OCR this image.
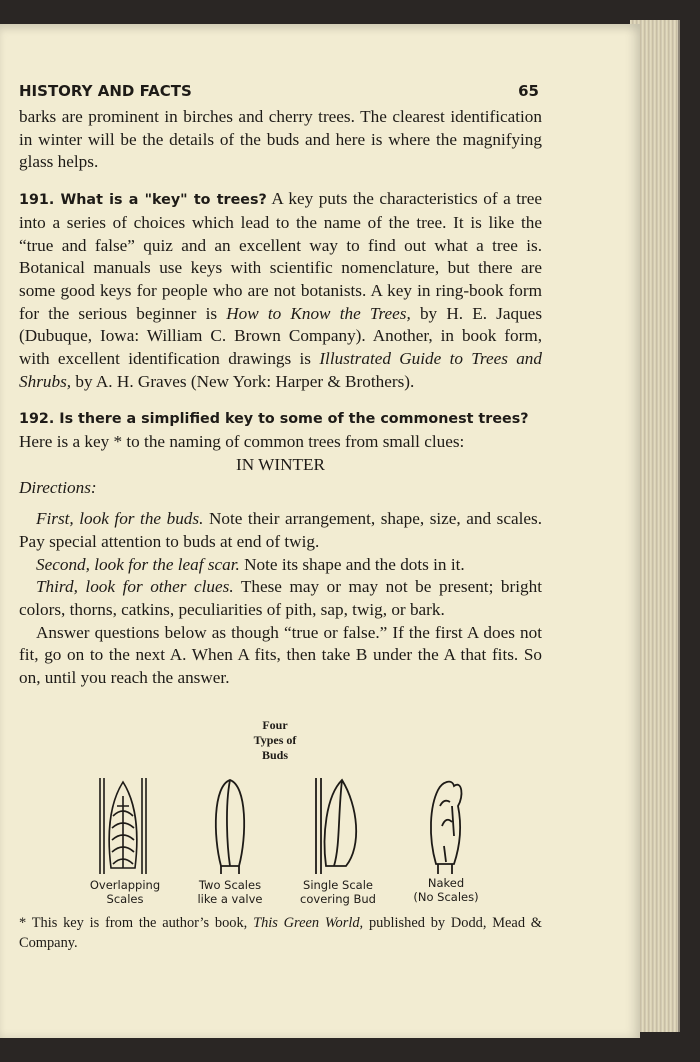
HISTORY AND FACTS	65

barks are prominent in birches and cherry trees. The clearest identification in winter will be the details of the buds and here is where the magnifying glass helps.

191. What is a "key" to trees? A key puts the characteristics of a tree into a series of choices which lead to the name of the tree. It is like the “true and false” quiz and an excellent way to find out what a tree is. Botanical manuals use keys with scientific nomenclature, but there are some good keys for people who are not botanists. A key in ring-book form for the serious beginner is How to Know the Trees, by H. E. Jaques (Dubuque, Iowa: William C. Brown Company). Another, in book form, with excellent identification drawings is Illustrated Guide to Trees and Shrubs, by A. H. Graves (New York: Harper & Brothers).

192. Is there a simplified key to some of the commonest trees?
Here is a key * to the naming of common trees from small clues:

IN WINTER

Directions:

First, look for the buds. Note their arrangement, shape, size, and scales. Pay special attention to buds at end of twig.

Second, look for the leaf scar. Note its shape and the dots in it.

Third, look for other clues. These may or may not be present; bright colors, thorns, catkins, peculiarities of pith, sap, twig, or bark.

Answer questions below as though “true or false.” If the first A does not fit, go on to the next A. When A fits, then take B under the A that fits. So on, until you reach the answer.

Four
Types of
Buds
Overlapping
Scales
Two Scales
like a valve
Single Scale
covering Bud
Naked
(No Scales)
* This key is from the author’s book, This Green World, published by Dodd, Mead & Company.
